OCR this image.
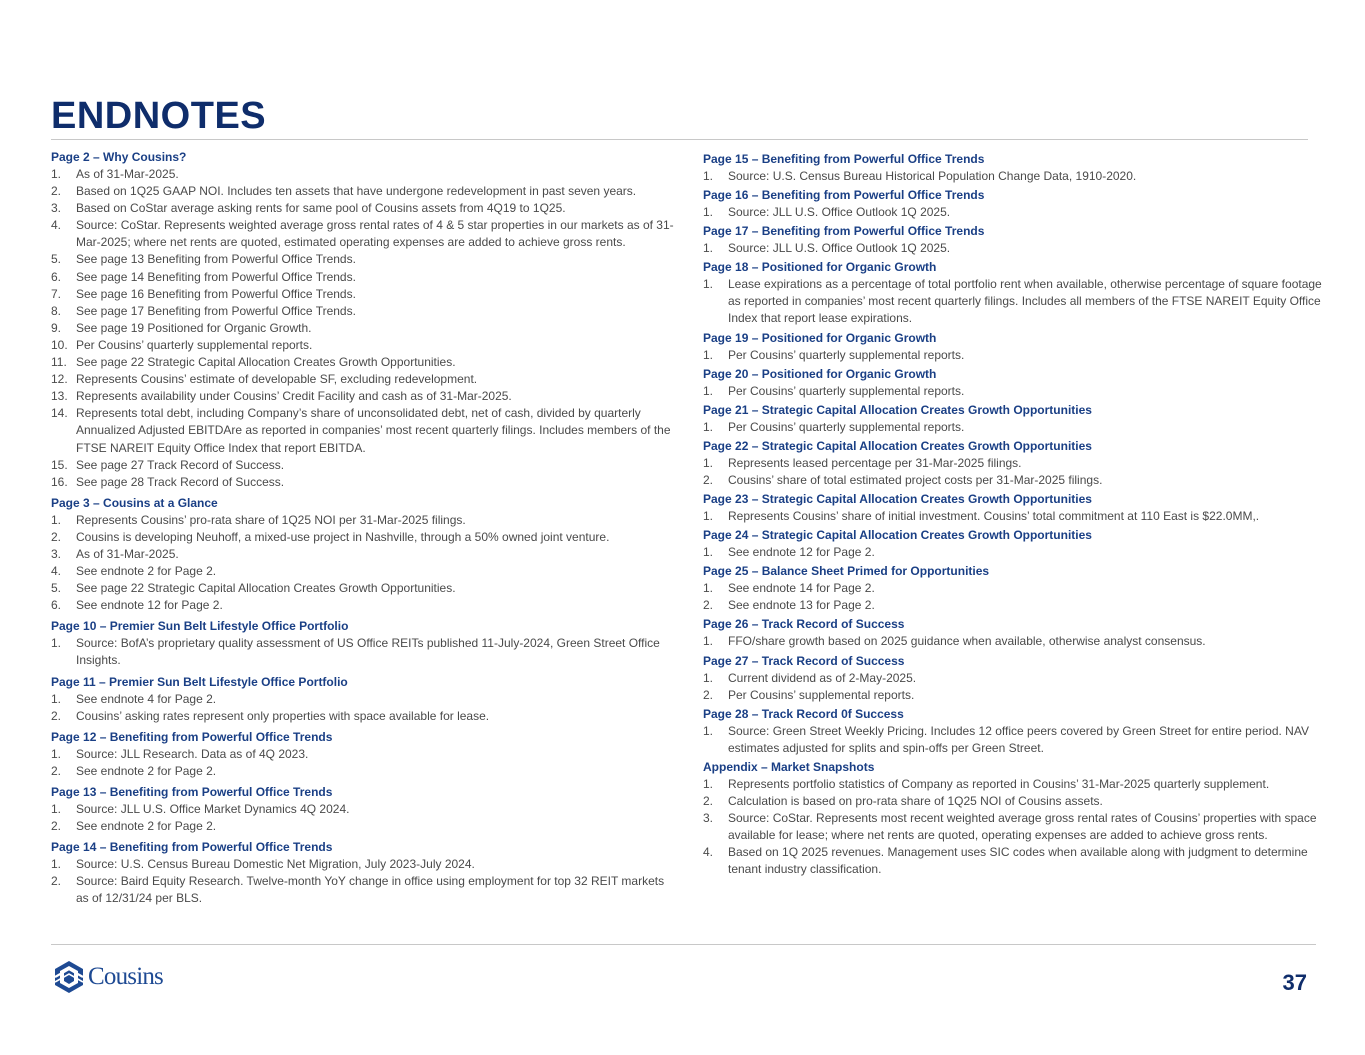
ENDNOTES
Page 2 – Why Cousins?
1. As of 31-Mar-2025.
2. Based on 1Q25 GAAP NOI. Includes ten assets that have undergone redevelopment in past seven years.
3. Based on CoStar average asking rents for same pool of Cousins assets from 4Q19 to 1Q25.
4. Source: CoStar. Represents weighted average gross rental rates of 4 & 5 star properties in our markets as of 31-Mar-2025; where net rents are quoted, estimated operating expenses are added to achieve gross rents.
5. See page 13 Benefiting from Powerful Office Trends.
6. See page 14 Benefiting from Powerful Office Trends.
7. See page 16 Benefiting from Powerful Office Trends.
8. See page 17 Benefiting from Powerful Office Trends.
9. See page 19 Positioned for Organic Growth.
10. Per Cousins’ quarterly supplemental reports.
11. See page 22 Strategic Capital Allocation Creates Growth Opportunities.
12. Represents Cousins’ estimate of developable SF, excluding redevelopment.
13. Represents availability under Cousins’ Credit Facility and cash as of 31-Mar-2025.
14. Represents total debt, including Company’s share of unconsolidated debt, net of cash, divided by quarterly Annualized Adjusted EBITDAre as reported in companies’ most recent quarterly filings. Includes members of the FTSE NAREIT Equity Office Index that report EBITDA.
15. See page 27 Track Record of Success.
16. See page 28 Track Record of Success.
Page 3 – Cousins at a Glance
1. Represents Cousins’ pro-rata share of 1Q25 NOI per 31-Mar-2025 filings.
2. Cousins is developing Neuhoff, a mixed-use project in Nashville, through a 50% owned joint venture.
3. As of 31-Mar-2025.
4. See endnote 2 for Page 2.
5. See page 22 Strategic Capital Allocation Creates Growth Opportunities.
6. See endnote 12 for Page 2.
Page 10 – Premier Sun Belt Lifestyle Office Portfolio
1. Source: BofA’s proprietary quality assessment of US Office REITs published 11-July-2024, Green Street Office Insights.
Page 11 – Premier Sun Belt Lifestyle Office Portfolio
1. See endnote 4 for Page 2.
2. Cousins’ asking rates represent only properties with space available for lease.
Page 12 – Benefiting from Powerful Office Trends
1. Source: JLL Research. Data as of 4Q 2023.
2. See endnote 2 for Page 2.
Page 13 – Benefiting from Powerful Office Trends
1. Source: JLL U.S. Office Market Dynamics 4Q 2024.
2. See endnote 2 for Page 2.
Page 14 – Benefiting from Powerful Office Trends
1. Source: U.S. Census Bureau Domestic Net Migration, July 2023-July 2024.
2. Source: Baird Equity Research. Twelve-month YoY change in office using employment for top 32 REIT markets as of 12/31/24 per BLS.
Page 15 – Benefiting from Powerful Office Trends
1. Source: U.S. Census Bureau Historical Population Change Data, 1910-2020.
Page 16 – Benefiting from Powerful Office Trends
1. Source: JLL U.S. Office Outlook 1Q 2025.
Page 17 – Benefiting from Powerful Office Trends
1. Source: JLL U.S. Office Outlook 1Q 2025.
Page 18 – Positioned for Organic Growth
1. Lease expirations as a percentage of total portfolio rent when available, otherwise percentage of square footage as reported in companies’ most recent quarterly filings. Includes all members of the FTSE NAREIT Equity Office Index that report lease expirations.
Page 19 – Positioned for Organic Growth
1. Per Cousins’ quarterly supplemental reports.
Page 20 – Positioned for Organic Growth
1. Per Cousins’ quarterly supplemental reports.
Page 21 – Strategic Capital Allocation Creates Growth Opportunities
1. Per Cousins’ quarterly supplemental reports.
Page 22 – Strategic Capital Allocation Creates Growth Opportunities
1. Represents leased percentage per 31-Mar-2025 filings.
2. Cousins’ share of total estimated project costs per 31-Mar-2025 filings.
Page 23 – Strategic Capital Allocation Creates Growth Opportunities
1. Represents Cousins’ share of initial investment. Cousins’ total commitment at 110 East is $22.0MM,.
Page 24 – Strategic Capital Allocation Creates Growth Opportunities
1. See endnote 12 for Page 2.
Page 25 – Balance Sheet Primed for Opportunities
1. See endnote 14 for Page 2.
2. See endnote 13 for Page 2.
Page 26 – Track Record of Success
1. FFO/share growth based on 2025 guidance when available, otherwise analyst consensus.
Page 27 – Track Record of Success
1. Current dividend as of 2-May-2025.
2. Per Cousins’ supplemental reports.
Page 28 – Track Record 0f Success
1. Source: Green Street Weekly Pricing. Includes 12 office peers covered by Green Street for entire period. NAV estimates adjusted for splits and spin-offs per Green Street.
Appendix – Market Snapshots
1. Represents portfolio statistics of Company as reported in Cousins’ 31-Mar-2025 quarterly supplement.
2. Calculation is based on pro-rata share of 1Q25 NOI of Cousins assets.
3. Source: CoStar. Represents most recent weighted average gross rental rates of Cousins’ properties with space available for lease; where net rents are quoted, operating expenses are added to achieve gross rents.
4. Based on 1Q 2025 revenues. Management uses SIC codes when available along with judgment to determine tenant industry classification.
Cousins	37
